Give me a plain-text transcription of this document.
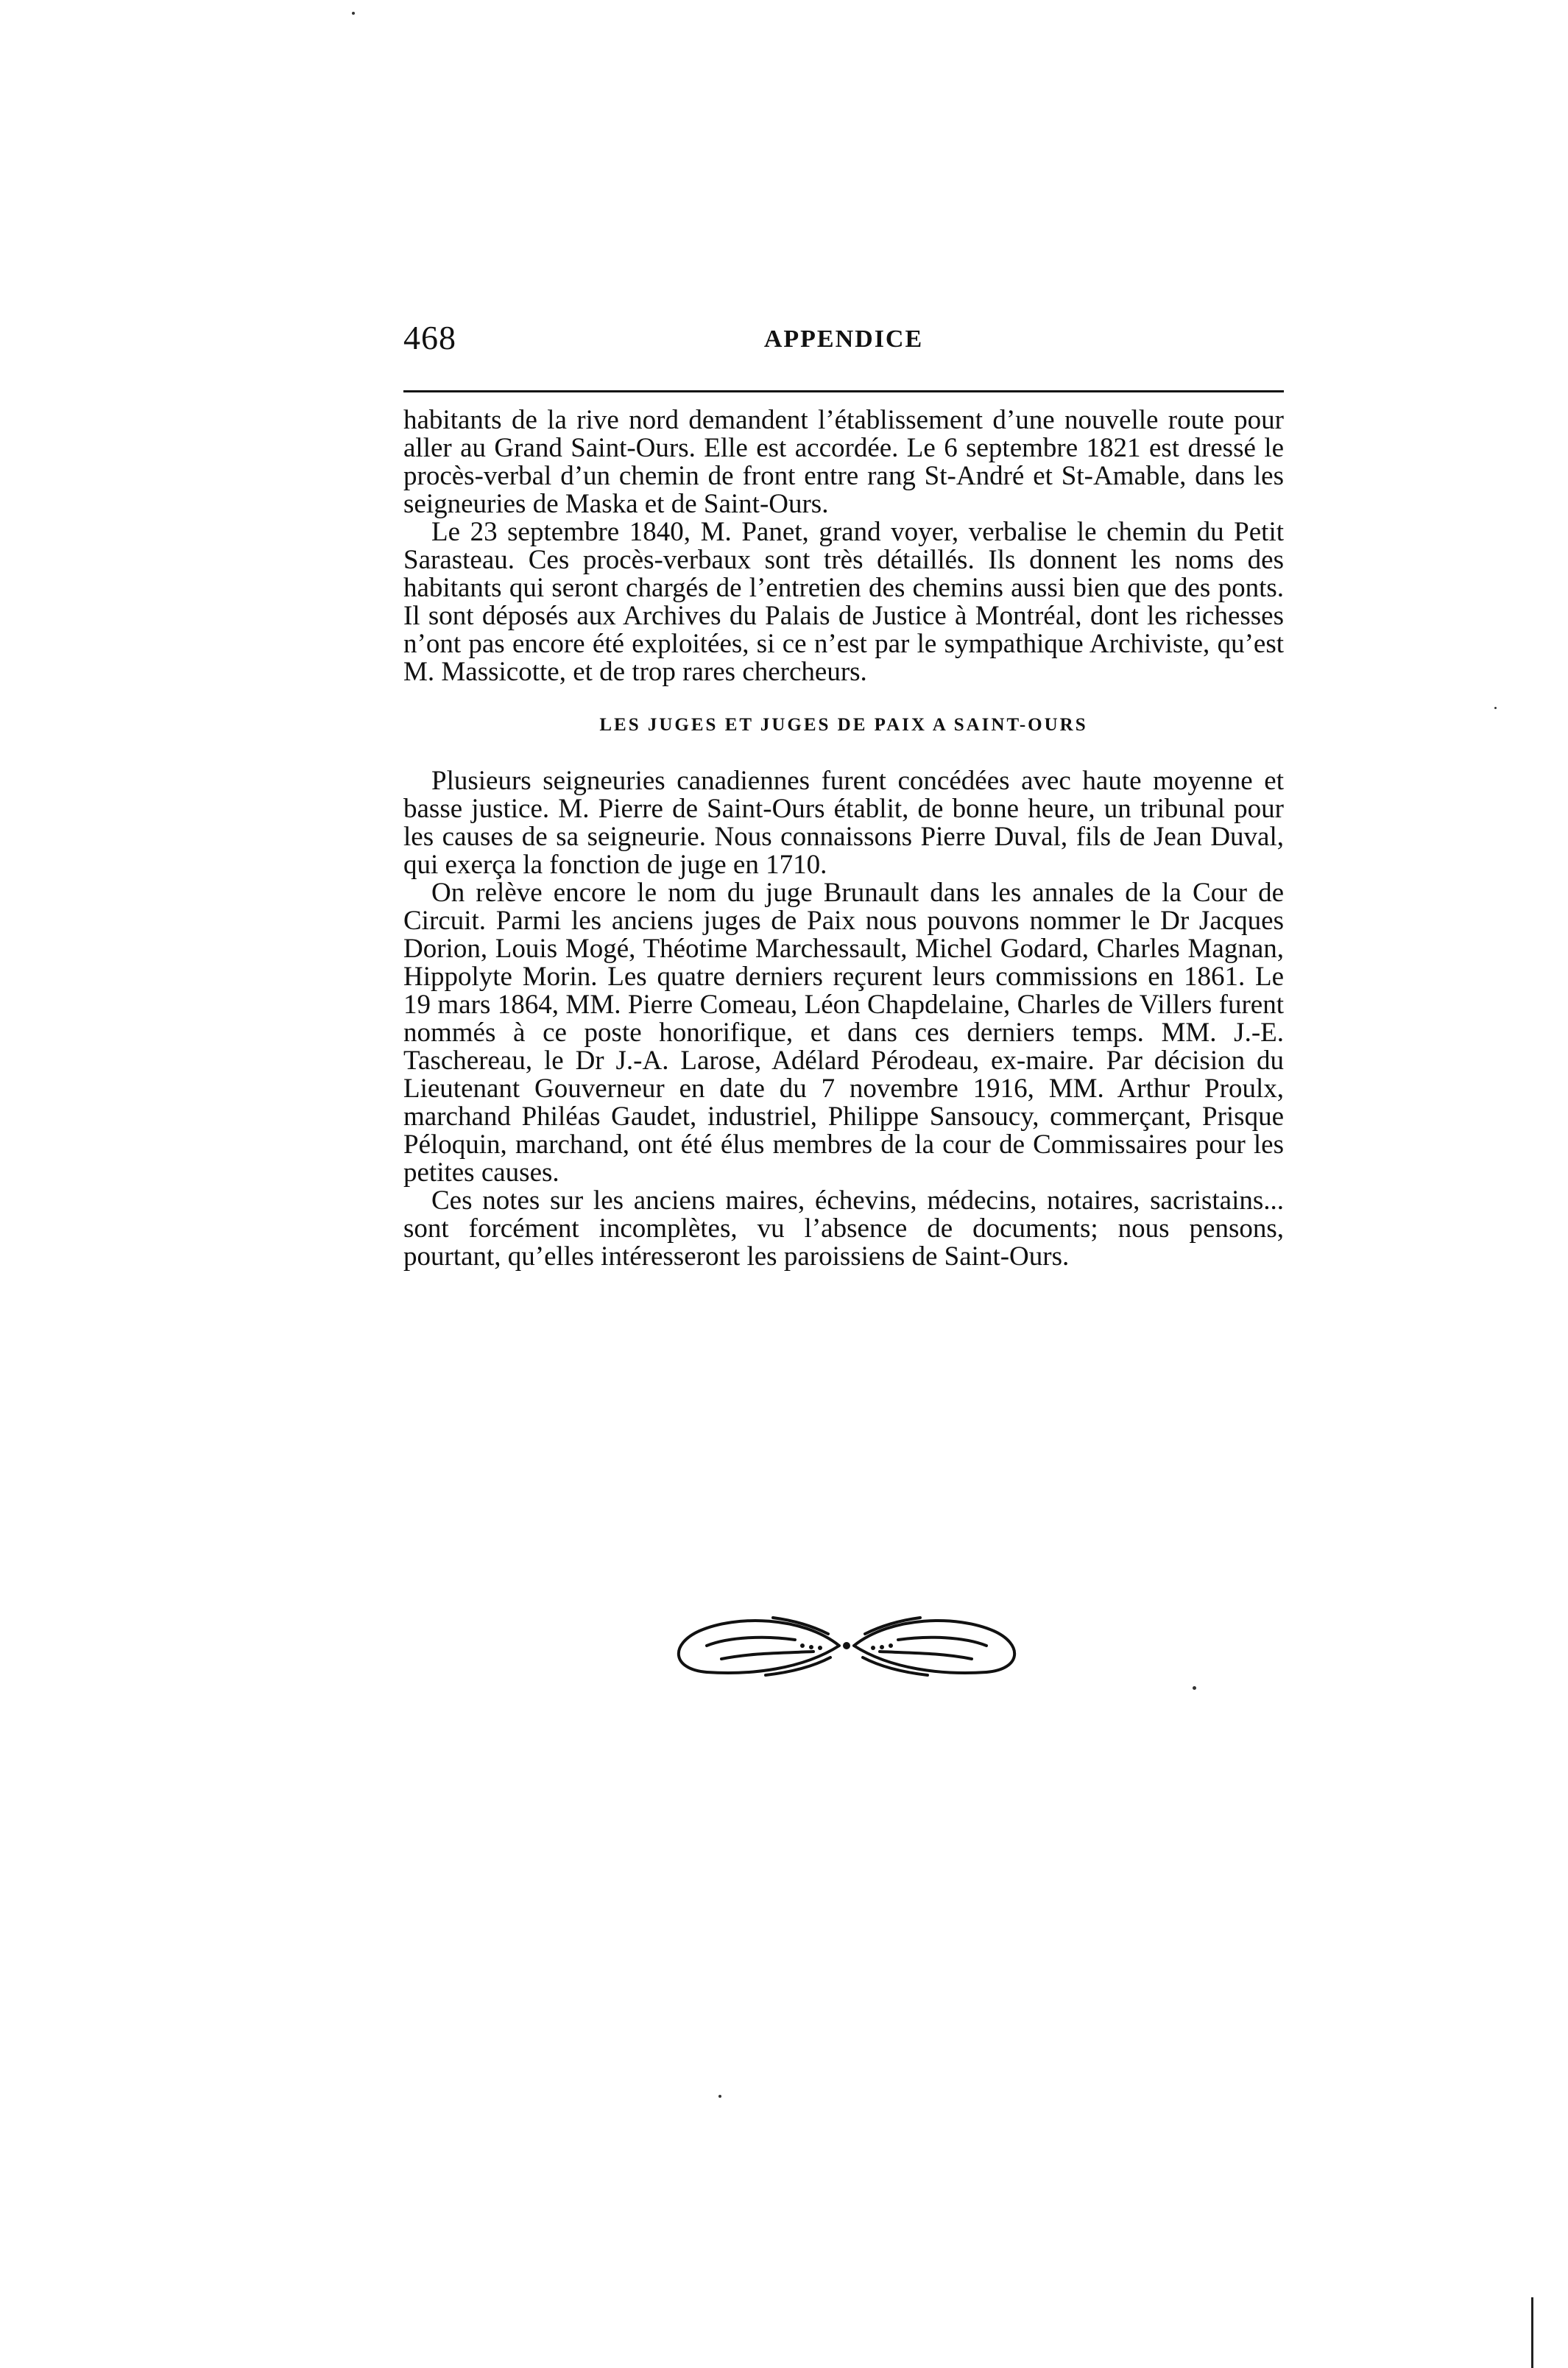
468	APPENDICE

habitants de la rive nord demandent l’établissement d’une nouvelle route pour aller au Grand Saint-Ours. Elle est accordée. Le 6 septembre 1821 est dressé le procès-verbal d’un chemin de front entre rang St-André et St-Amable, dans les seigneuries de Maska et de Saint-Ours.

Le 23 septembre 1840, M. Panet, grand voyer, verbalise le chemin du Petit Sarasteau. Ces procès-verbaux sont très détaillés. Ils donnent les noms des habitants qui seront chargés de l’entretien des chemins aussi bien que des ponts. Il sont déposés aux Archives du Palais de Justice à Montréal, dont les richesses n’ont pas encore été exploitées, si ce n’est par le sympathique Archiviste, qu’est M. Massicotte, et de trop rares chercheurs.

LES JUGES ET JUGES DE PAIX A SAINT-OURS

Plusieurs seigneuries canadiennes furent concédées avec haute moyenne et basse justice. M. Pierre de Saint-Ours établit, de bonne heure, un tribunal pour les causes de sa seigneurie. Nous connaissons Pierre Duval, fils de Jean Duval, qui exerça la fonction de juge en 1710.

On relève encore le nom du juge Brunault dans les annales de la Cour de Circuit. Parmi les anciens juges de Paix nous pouvons nommer le Dr Jacques Dorion, Louis Mogé, Théotime Marchessault, Michel Godard, Charles Magnan, Hippolyte Morin. Les quatre derniers reçurent leurs commissions en 1861. Le 19 mars 1864, MM. Pierre Comeau, Léon Chapdelaine, Charles de Villers furent nommés à ce poste honorifique, et dans ces derniers temps. MM. J.-E. Taschereau, le Dr J.-A. Larose, Adélard Pérodeau, ex-maire. Par décision du Lieutenant Gouverneur en date du 7 novembre 1916, MM. Arthur Proulx, marchand Philéas Gaudet, industriel, Philippe Sansoucy, commerçant, Prisque Péloquin, marchand, ont été élus membres de la cour de Commissaires pour les petites causes.

Ces notes sur les anciens maires, échevins, médecins, notaires, sacristains... sont forcément incomplètes, vu l’absence de documents; nous pensons, pourtant, qu’elles intéresseront les paroissiens de Saint-Ours.
